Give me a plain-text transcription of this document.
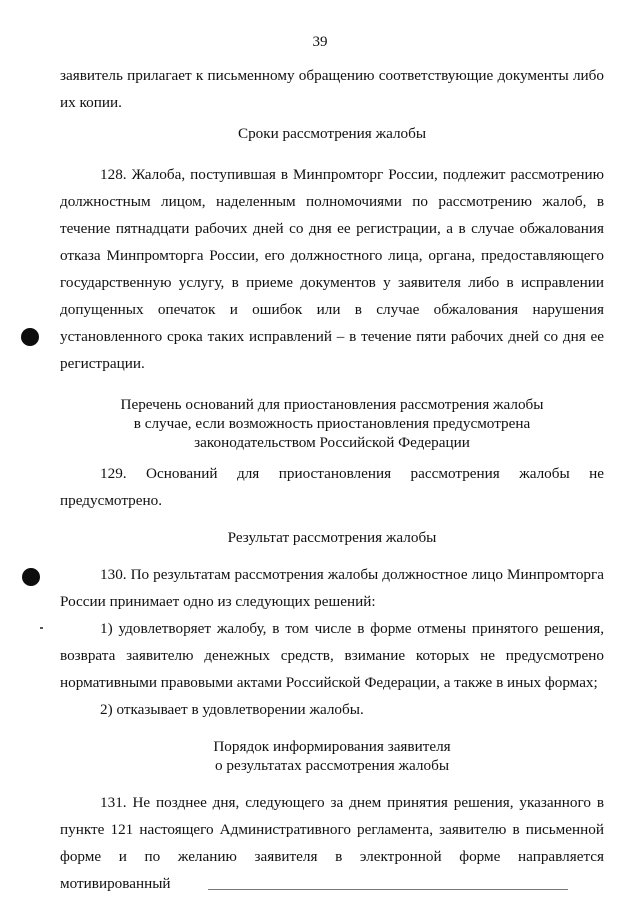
39

заявитель прилагает к письменному обращению соответствующие документы либо их копии.

Сроки рассмотрения жалобы

128. Жалоба, поступившая в Минпромторг России, подлежит рассмотрению должностным лицом, наделенным полномочиями по рассмотрению жалоб, в течение пятнадцати рабочих дней со дня ее регистрации, а в случае обжалования отказа Минпромторга России, его должностного лица, органа, предоставляющего государственную услугу, в приеме документов у заявителя либо в исправлении допущенных опечаток и ошибок или в случае обжалования нарушения установленного срока таких исправлений – в течение пяти рабочих дней со дня ее регистрации.

Перечень оснований для приостановления рассмотрения жалобы

в случае, если возможность приостановления предусмотрена

законодательством Российской Федерации

129. Оснований для приостановления рассмотрения жалобы не предусмотрено.

Результат рассмотрения жалобы

130. По результатам рассмотрения жалобы должностное лицо Минпромторга России принимает одно из следующих решений:

1) удовлетворяет жалобу, в том числе в форме отмены принятого решения, возврата заявителю денежных средств, взимание которых не предусмотрено нормативными правовыми актами Российской Федерации, а также в иных формах;

2) отказывает в удовлетворении жалобы.

Порядок информирования заявителя

о результатах рассмотрения жалобы

131. Не позднее дня, следующего за днем принятия решения, указанного в пункте 121 настоящего Административного регламента, заявителю в письменной форме и по желанию заявителя в электронной форме направляется мотивированный
